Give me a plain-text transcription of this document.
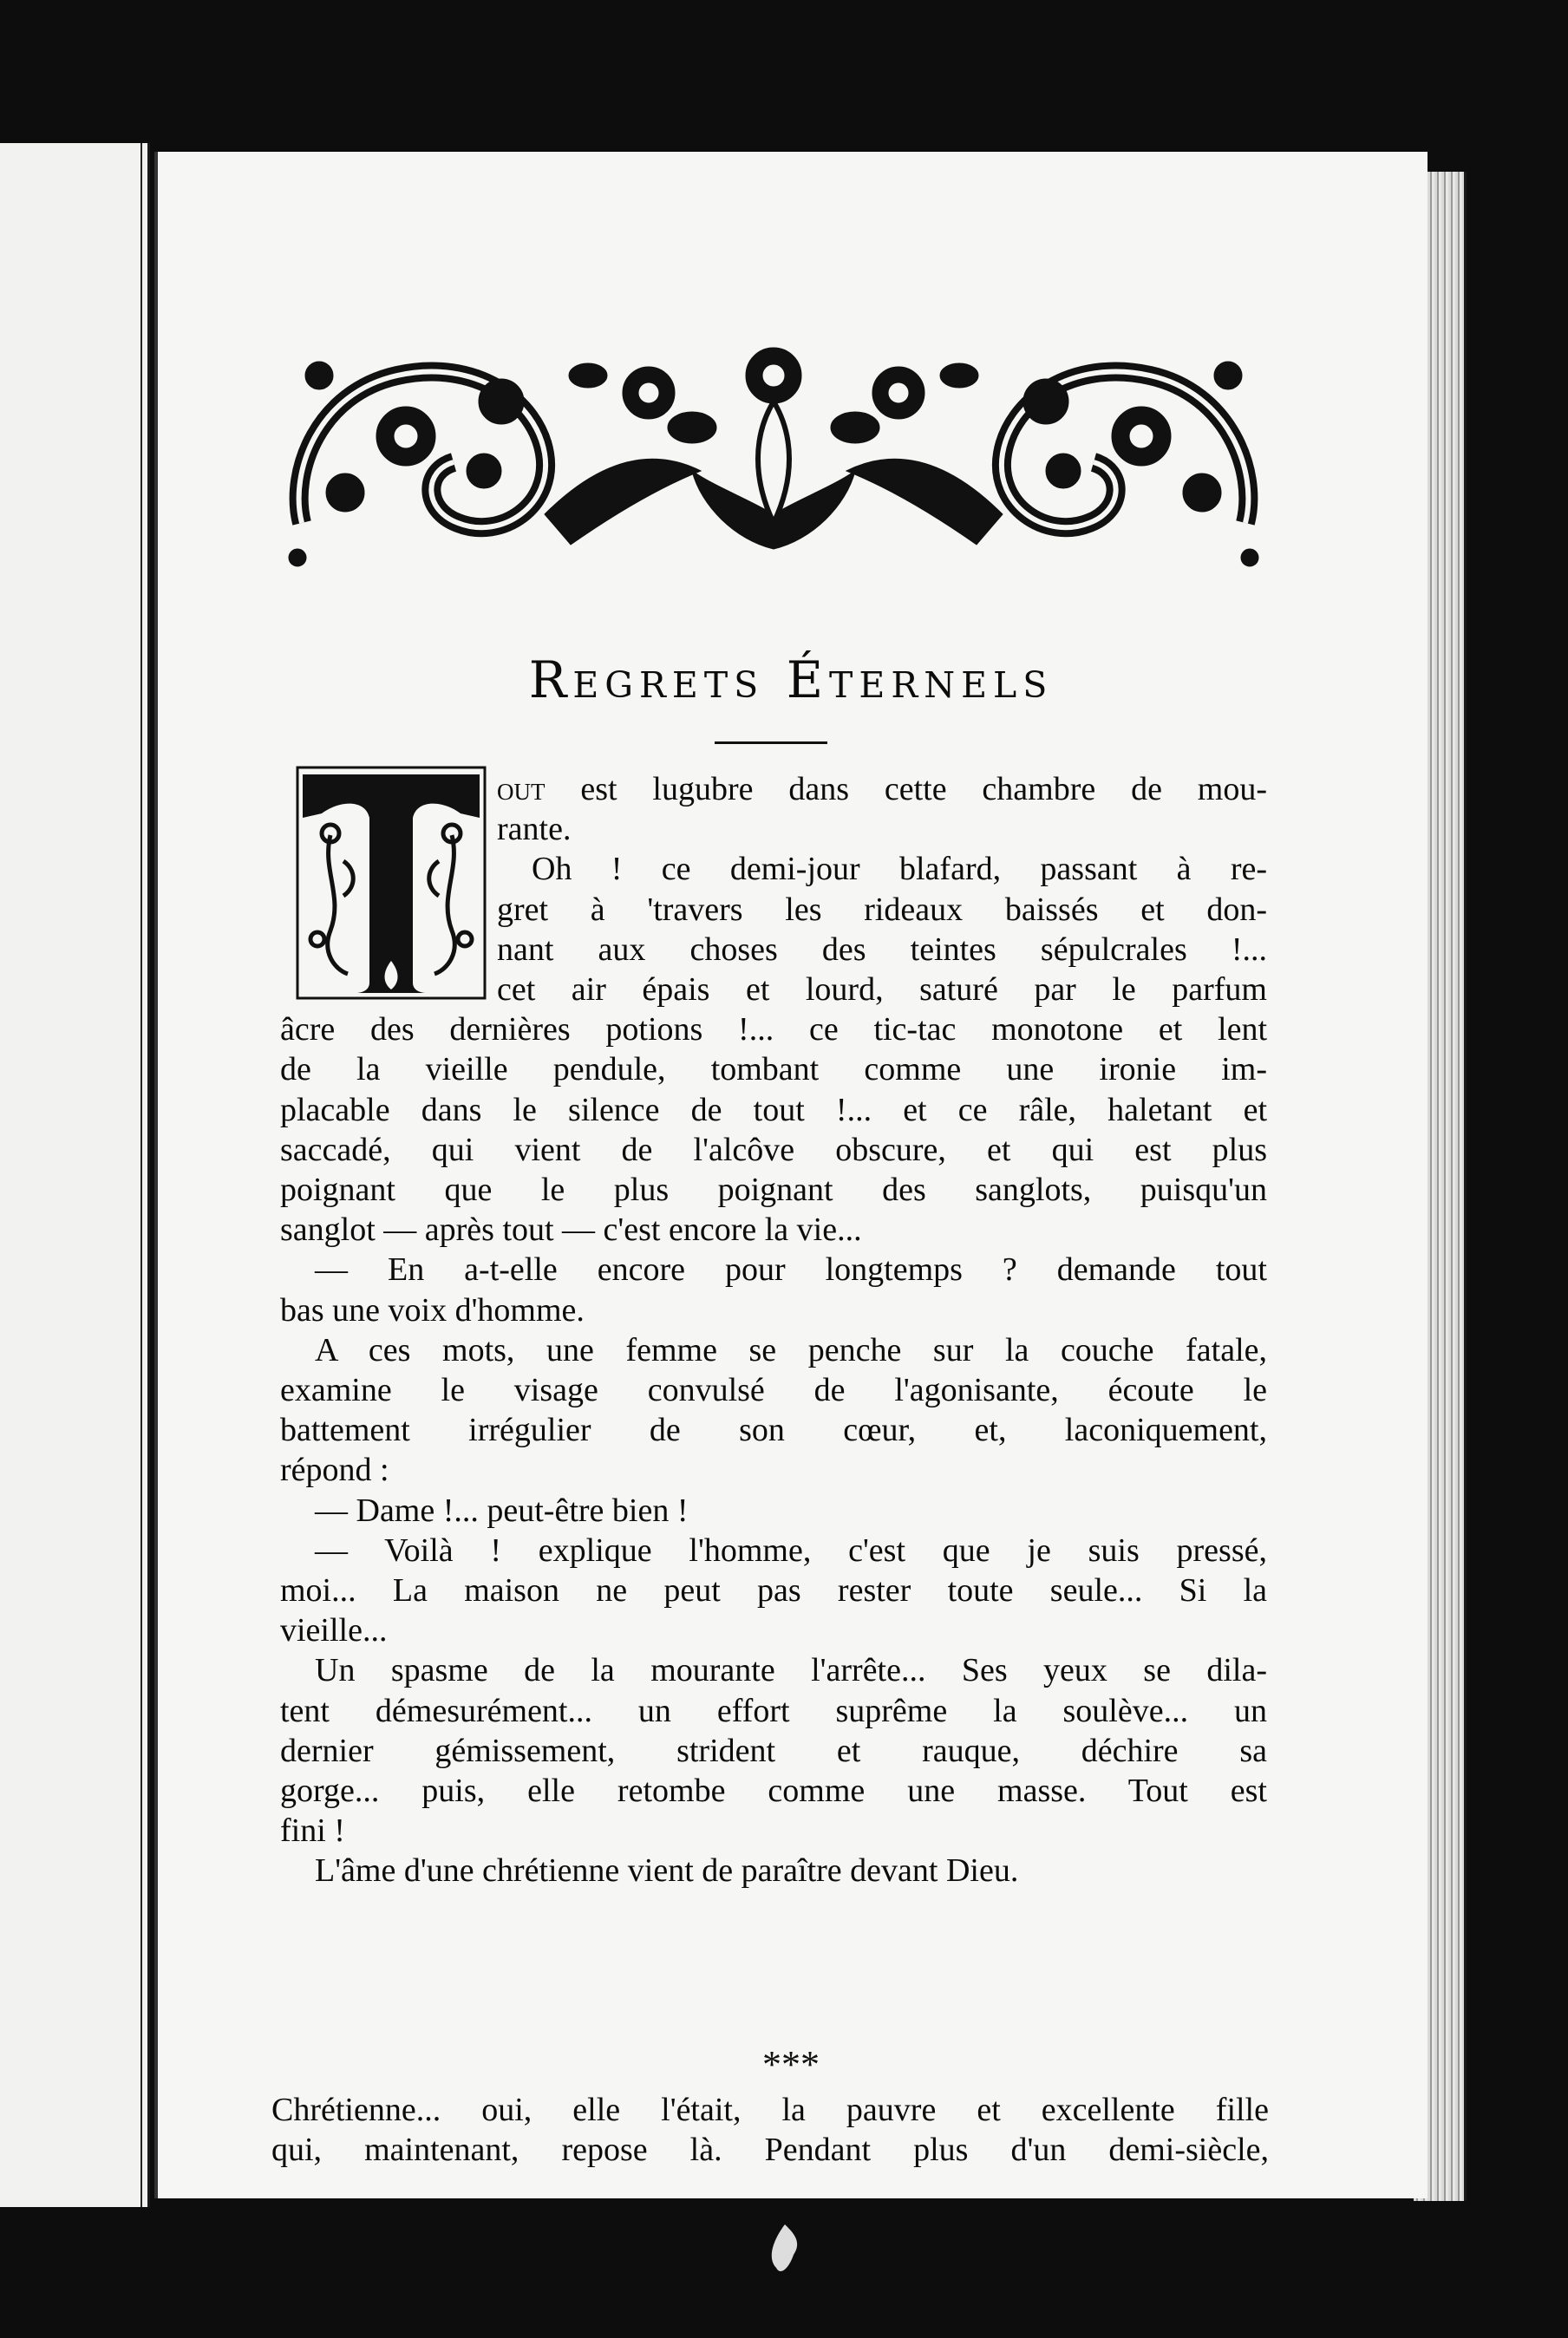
Regrets Éternels
out est lugubre dans cette chambre de mou-
rante.
Oh ! ce demi-jour blafard, passant à re-
gret à 'travers les rideaux baissés et don-
nant aux choses des teintes sépulcrales !...
cet air épais et lourd, saturé par le parfum
âcre des dernières potions !... ce tic-tac monotone et lent
de la vieille pendule, tombant comme une ironie im-
placable dans le silence de tout !... et ce râle, haletant et
saccadé, qui vient de l'alcôve obscure, et qui est plus
poignant que le plus poignant des sanglots, puisqu'un
sanglot — après tout — c'est encore la vie...
— En a-t-elle encore pour longtemps ? demande tout
bas une voix d'homme.
A ces mots, une femme se penche sur la couche fatale,
examine le visage convulsé de l'agonisante, écoute le
battement irrégulier de son cœur, et, laconiquement,
répond :
— Dame !... peut-être bien !
— Voilà ! explique l'homme, c'est que je suis pressé,
moi... La maison ne peut pas rester toute seule... Si la
vieille...
Un spasme de la mourante l'arrête... Ses yeux se dila-
tent démesurément... un effort suprême la soulève... un
dernier gémissement, strident et rauque, déchire sa
gorge... puis, elle retombe comme une masse. Tout est
fini !
L'âme d'une chrétienne vient de paraître devant Dieu.
***
Chrétienne... oui, elle l'était, la pauvre et excellente fille
qui, maintenant, repose là. Pendant plus d'un demi-siècle,
